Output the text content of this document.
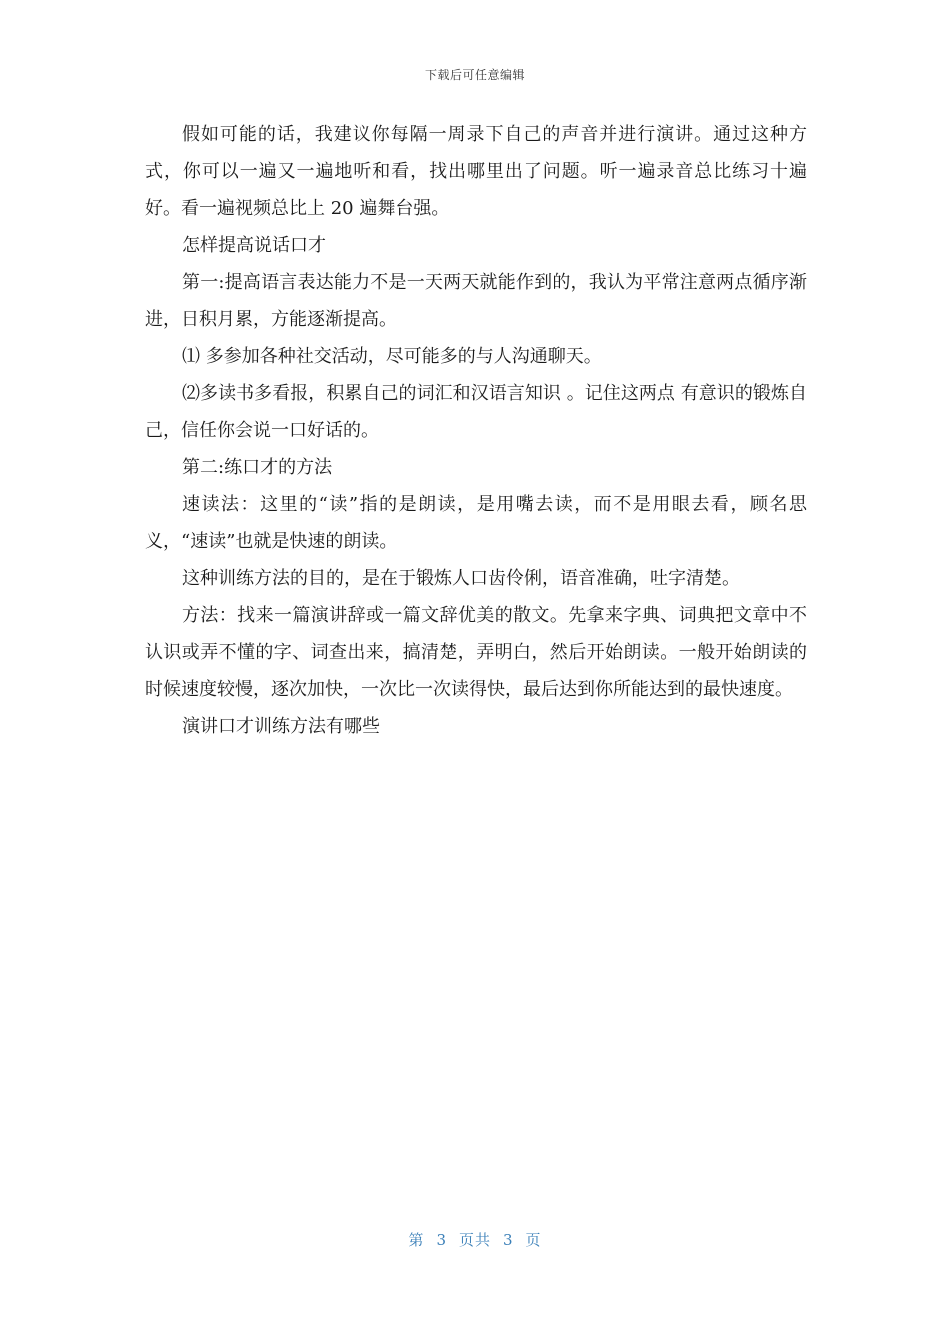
下载后可任意编辑

假如可能的话，我建议你每隔一周录下自己的声音并进行演讲。通过这种方式，你可以一遍又一遍地听和看，找出哪里出了问题。听一遍录音总比练习十遍好。看一遍视频总比上 20 遍舞台强。

怎样提高说话口才

第一:提高语言表达能力不是一天两天就能作到的，我认为平常注意两点循序渐进，日积月累，方能逐渐提高。

⑴ 多参加各种社交活动，尽可能多的与人沟通聊天。

⑵多读书多看报，积累自己的词汇和汉语言知识 。记住这两点 有意识的锻炼自己，信任你会说一口好话的。

第二:练口才的方法

速读法：这里的“读”指的是朗读，是用嘴去读，而不是用眼去看，顾名思义，“速读”也就是快速的朗读。

这种训练方法的目的，是在于锻炼人口齿伶俐，语音准确，吐字清楚。

方法：找来一篇演讲辞或一篇文辞优美的散文。先拿来字典、词典把文章中不认识或弄不懂的字、词查出来，搞清楚，弄明白，然后开始朗读。一般开始朗读的时候速度较慢，逐次加快，一次比一次读得快，最后达到你所能达到的最快速度。

演讲口才训练方法有哪些

第 3 页共 3 页
